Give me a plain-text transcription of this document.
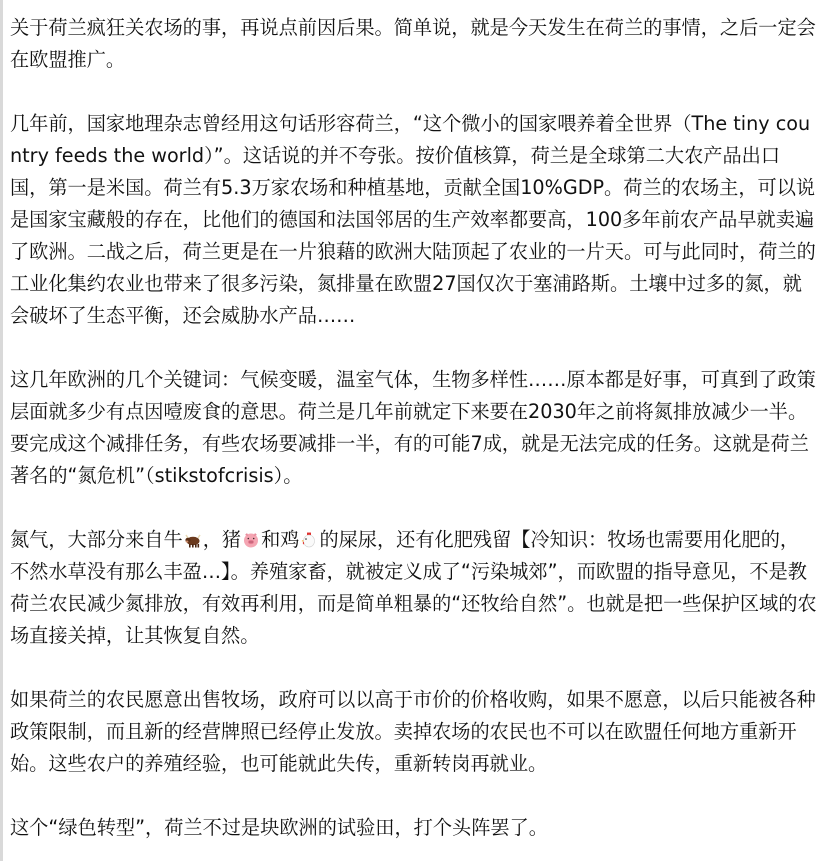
关于荷兰疯狂关农场的事，再说点前因后果。简单说，就是今天发生在荷兰的事情，之后一定会在欧盟推广。

几年前，国家地理杂志曾经用这句话形容荷兰，“这个微小的国家喂养着全世界（The tiny country feeds the world）”。这话说的并不夸张。按价值核算，荷兰是全球第二大农产品出口国，第一是米国。荷兰有5.3万家农场和种植基地，贡献全国10%GDP。荷兰的农场主，可以说是国家宝藏般的存在，比他们的德国和法国邻居的生产效率都要高，100多年前农产品早就卖遍了欧洲。二战之后，荷兰更是在一片狼藉的欧洲大陆顶起了农业的一片天。可与此同时，荷兰的工业化集约农业也带来了很多污染，氮排量在欧盟27国仅次于塞浦路斯。土壤中过多的氮，就会破坏了生态平衡，还会威胁水产品……

这几年欧洲的几个关键词：气候变暖，温室气体，生物多样性……原本都是好事，可真到了政策层面就多少有点因噎废食的意思。荷兰是几年前就定下来要在2030年之前将氮排放减少一半。要完成这个减排任务，有些农场要减排一半，有的可能7成，就是无法完成的任务。这就是荷兰著名的“氮危机”（stikstofcrisis）。

氮气，大部分来自牛 ，猪 和鸡 的屎尿，还有化肥残留【冷知识：牧场也需要用化肥的，不然水草没有那么丰盈…】。养殖家畜，就被定义成了“污染城郊”，而欧盟的指导意见，不是教荷兰农民减少氮排放，有效再利用，而是简单粗暴的“还牧给自然”。也就是把一些保护区域的农场直接关掉，让其恢复自然。

如果荷兰的农民愿意出售牧场，政府可以以高于市价的价格收购，如果不愿意，以后只能被各种政策限制，而且新的经营牌照已经停止发放。卖掉农场的农民也不可以在欧盟任何地方重新开始。这些农户的养殖经验，也可能就此失传，重新转岗再就业。

这个“绿色转型”，荷兰不过是块欧洲的试验田，打个头阵罢了。
